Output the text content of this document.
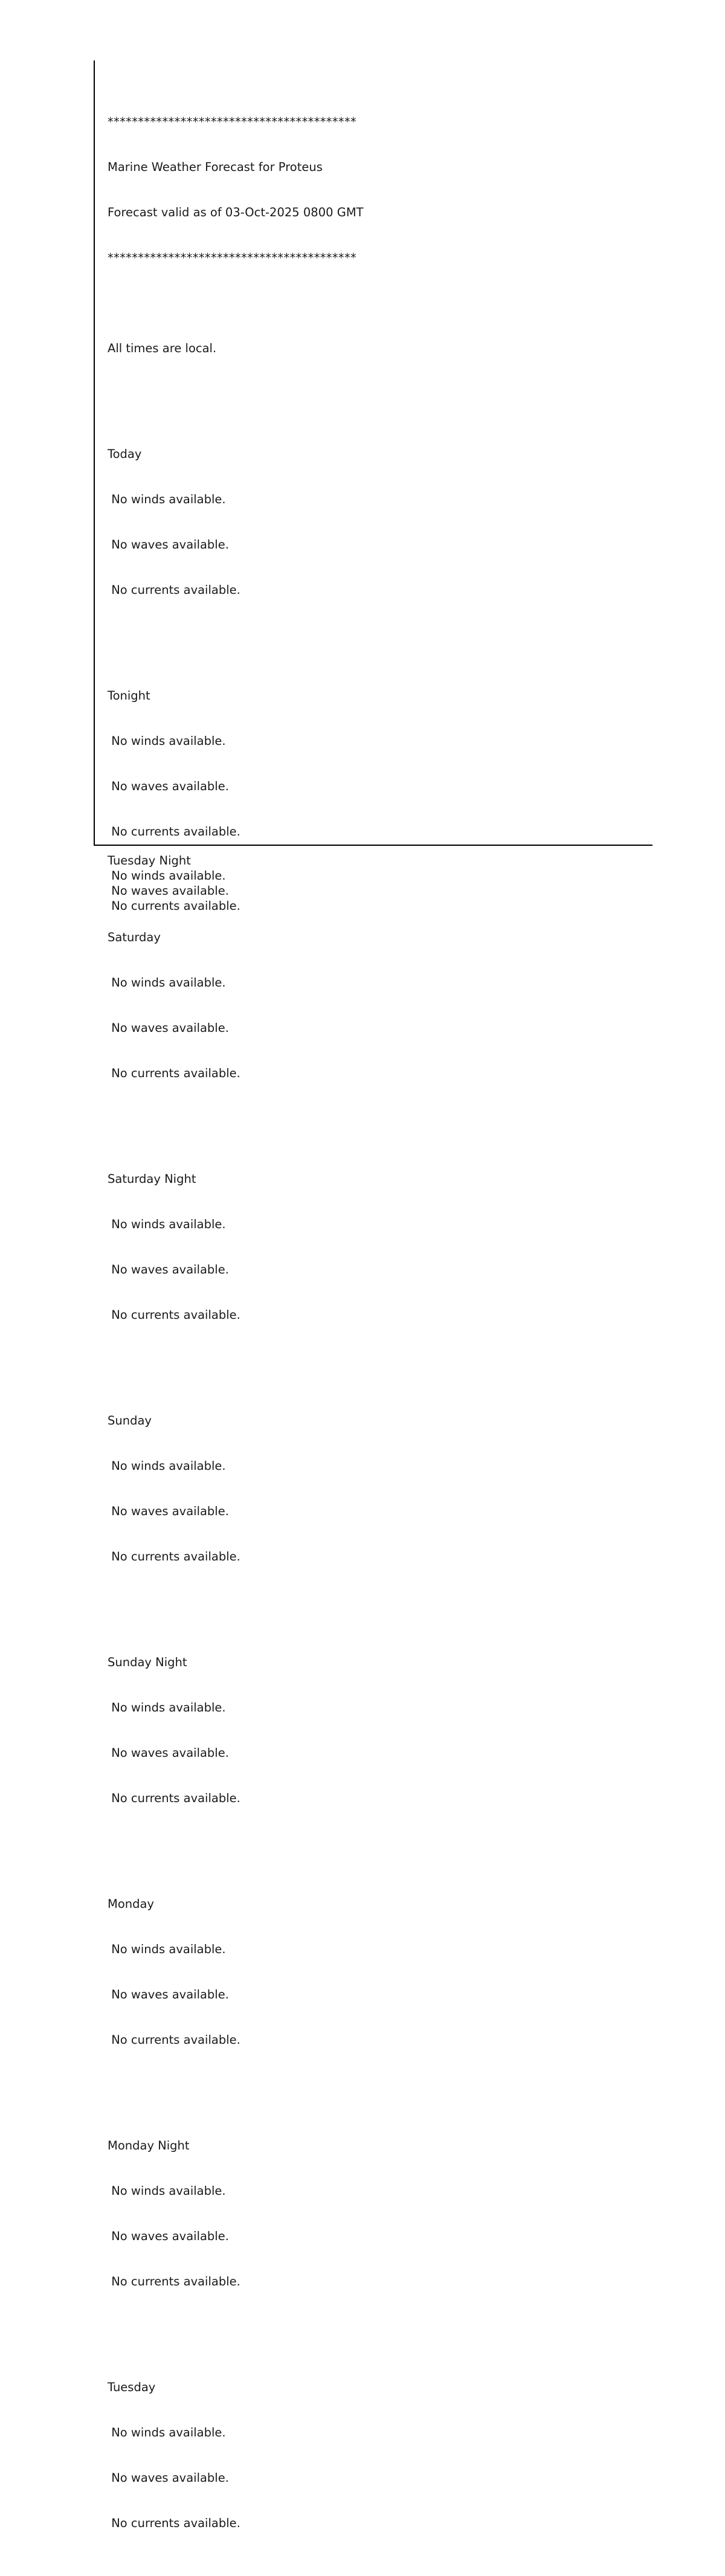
*****************************************

Marine Weather Forecast for Proteus

Forecast valid as of 03-Oct-2025 0800 GMT

*****************************************

All times are local.

Today

No winds available.

No waves available.

No currents available.

Tonight

No winds available.

No waves available.

No currents available.

Saturday

No winds available.

No waves available.

No currents available.

Saturday Night

No winds available.

No waves available.

No currents available.

Sunday

No winds available.

No waves available.

No currents available.

Sunday Night

No winds available.

No waves available.

No currents available.

Monday

No winds available.

No waves available.

No currents available.

Monday Night

No winds available.

No waves available.

No currents available.

Tuesday

No winds available.

No waves available.

No currents available.

Tuesday Night
No winds available.
No waves available.
No currents available.
